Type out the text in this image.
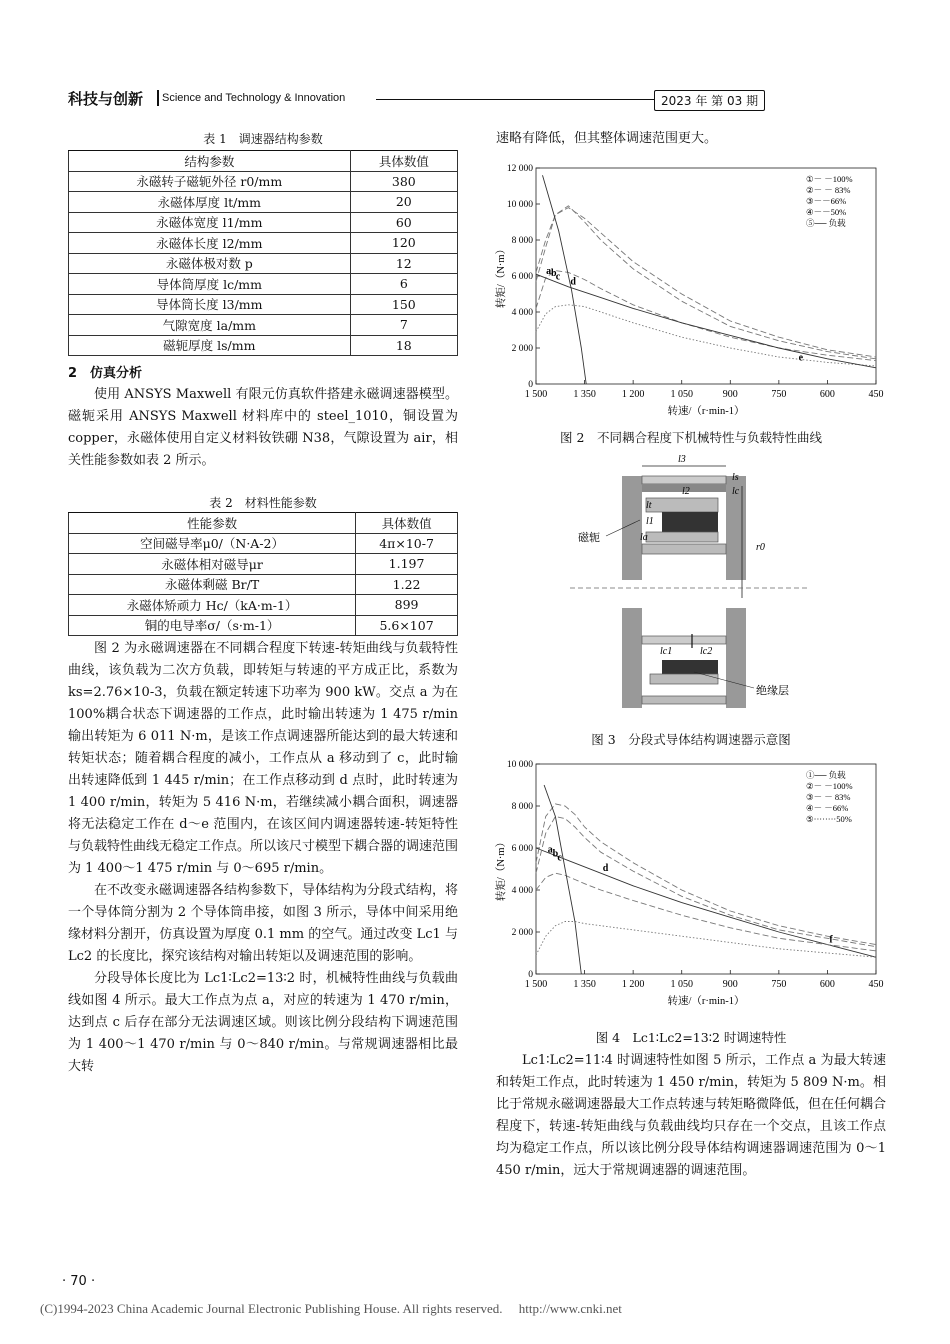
科技与创新 Science and Technology & Innovation	2023 年 第 03 期
表 1　调速器结构参数
结构参数	具体数值
永磁转子磁轭外径 r0/mm	380
永磁体厚度 lt/mm	20
永磁体宽度 l1/mm	60
永磁体长度 l2/mm	120
永磁体极对数 p	12
导体筒厚度 lc/mm	6
导体筒长度 l3/mm	150
气隙宽度 la/mm	7
磁轭厚度 ls/mm	18
2　仿真分析

使用 ANSYS Maxwell 有限元仿真软件搭建永磁调速器模型。磁轭采用 ANSYS Maxwell 材料库中的 steel_1010，铜设置为 copper，永磁体使用自定义材料钕铁硼 N38，气隙设置为 air，相关性能参数如表 2 所示。

表 2　材料性能参数
性能参数	具体数值
空间磁导率μ0/（N·A-2）	4π×10-7
永磁体相对磁导μr	1.197
永磁体剩磁 Br/T	1.22
永磁体矫顽力 Hc/（kA·m-1）	899
铜的电导率σ/（s·m-1）	5.6×107

图 2 为永磁调速器在不同耦合程度下转速-转矩曲线与负载特性曲线，该负载为二次方负载，即转矩与转速的平方成正比，系数为 ks=2.76×10-3，负载在额定转速下功率为 900 kW。交点 a 为在 100%耦合状态下调速器的工作点，此时输出转速为 1 475 r/min 输出转矩为 6 011 N·m，是该工作点调速器所能达到的最大转速和转矩状态；随着耦合程度的减小，工作点从 a 移动到了 c，此时输出转速降低到 1 445 r/min；在工作点移动到 d 点时，此时转速为 1 400 r/min，转矩为 5 416 N·m，若继续减小耦合面积，调速器将无法稳定工作在 d～e 范围内，在该区间内调速器转速-转矩特性与负载特性曲线无稳定工作点。所以该尺寸模型下耦合器的调速范围为 1 400～1 475 r/min 与 0～695 r/min。

在不改变永磁调速器各结构参数下，导体结构为分段式结构，将一个导体筒分割为 2 个导体筒串接，如图 3 所示，导体中间采用绝缘材料分割开，仿真设置为厚度 0.1 mm 的空气。通过改变 Lc1 与 Lc2 的长度比，探究该结构对输出转矩以及调速范围的影响。

分段导体长度比为 Lc1∶Lc2=13∶2 时，机械特性曲线与负载曲线如图 4 所示。最大工作点为点 a，对应的转速为 1 470 r/min，达到点 c 后存在部分无法调速区域。则该比例分段结构下调速范围为 1 400～1 470 r/min 与 0～840 r/min。与常规调速器相比最大转

速略有降低，但其整体调速范围更大。
1 500	1 350	1 200	1 050	900	750	600	450
0
2 000
4 000
6 000
8 000
10 000
12 000
转速/（r·min-1）
转矩/（N·m）	a b c d
e
①－ －100%
②－ － 83%
③－－66%
④－－50%
⑤── 负载
图 2　不同耦合程度下机械特性与负载特性曲线
l3
ls
l2	lc
lt
l1
la
r0
磁轭
lc1	lc2
绝缘层
图 3　分段式导体结构调速器示意图
1 500	1 350	1 200	1 050	900	750	600	450
0
2 000
4 000
6 000
8 000
10 000
转速/（r·min-1）
转矩/（N·m）	a b c
d
f
①── 负载
②－ －100%
③－ － 83%
④－ －66%
⑤········50%
图 4　Lc1∶Lc2=13∶2 时调速特性

Lc1∶Lc2=11∶4 时调速特性如图 5 所示，工作点 a 为最大转速和转矩工作点，此时转速为 1 450 r/min，转矩为 5 809 N·m。相比于常规永磁调速器最大工作点转速与转矩略微降低，但在任何耦合程度下，转速-转矩曲线与负载曲线均只存在一个交点，且该工作点均为稳定工作点，所以该比例分段导体结构调速器调速范围为 0～1 450 r/min，远大于常规调速器的调速范围。

· 70 ·
(C)1994-2023 China Academic Journal Electronic Publishing House. All rights reserved.　 http://www.cnki.net
